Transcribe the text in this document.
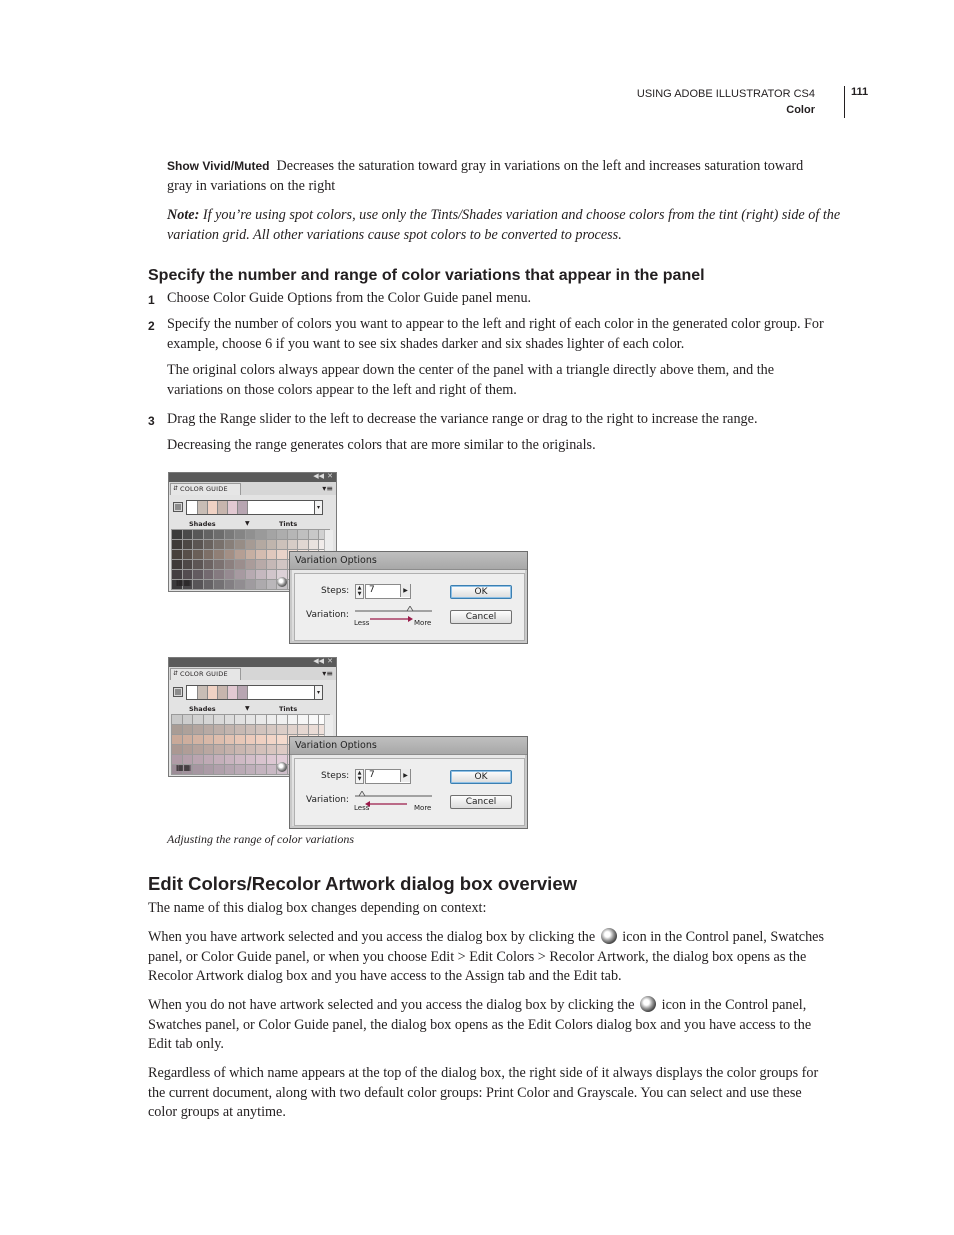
USING ADOBE ILLUSTRATOR CS4
Color
111
Show Vivid/Muted Decreases the saturation toward gray in variations on the left and increases saturation toward
gray in variations on the right
Note: If you’re using spot colors, use only the Tints/Shades variation and choose colors from the tint (right) side of the
variation grid. All other variations cause spot colors to be converted to process.
Specify the number and range of color variations that appear in the panel
1 Choose Color Guide Options from the Color Guide panel menu.
2 Specify the number of colors you want to appear to the left and right of each color in the generated color group. For
example, choose 6 if you want to see six shades darker and six shades lighter of each color.
The original colors always appear down the center of the panel with a triangle directly above them, and the
variations on those colors appear to the left and right of them.
3 Drag the Range slider to the left to decrease the variance range or drag to the right to increase the range.
Decreasing the range generates colors that are more similar to the originals.
◀◀ ✕
⇵ COLOR GUIDE	▾≡
▾
Shades	▼	Tints
▦▦
Variation Options
Steps:	▲
▼ 7	▶
Variation:
Less	More
OK
Cancel
◀◀ ✕
⇵ COLOR GUIDE	▾≡
▾
Shades	▼	Tints
▦▦
Variation Options
Steps:	▲
▼ 7	▶
Variation:
Less	More
OK
Cancel
Adjusting the range of color variations
Edit Colors/Recolor Artwork dialog box overview
The name of this dialog box changes depending on context:
When you have artwork selected and you access the dialog box by clicking the icon in the Control panel, Swatches
panel, or Color Guide panel, or when you choose Edit > Edit Colors > Recolor Artwork, the dialog box opens as the
Recolor Artwork dialog box and you have access to the Assign tab and the Edit tab.
When you do not have artwork selected and you access the dialog box by clicking the icon in the Control panel,
Swatches panel, or Color Guide panel, the dialog box opens as the Edit Colors dialog box and you have access to the
Edit tab only.
Regardless of which name appears at the top of the dialog box, the right side of it always displays the color groups for
the current document, along with two default color groups: Print Color and Grayscale. You can select and use these
color groups at anytime.
